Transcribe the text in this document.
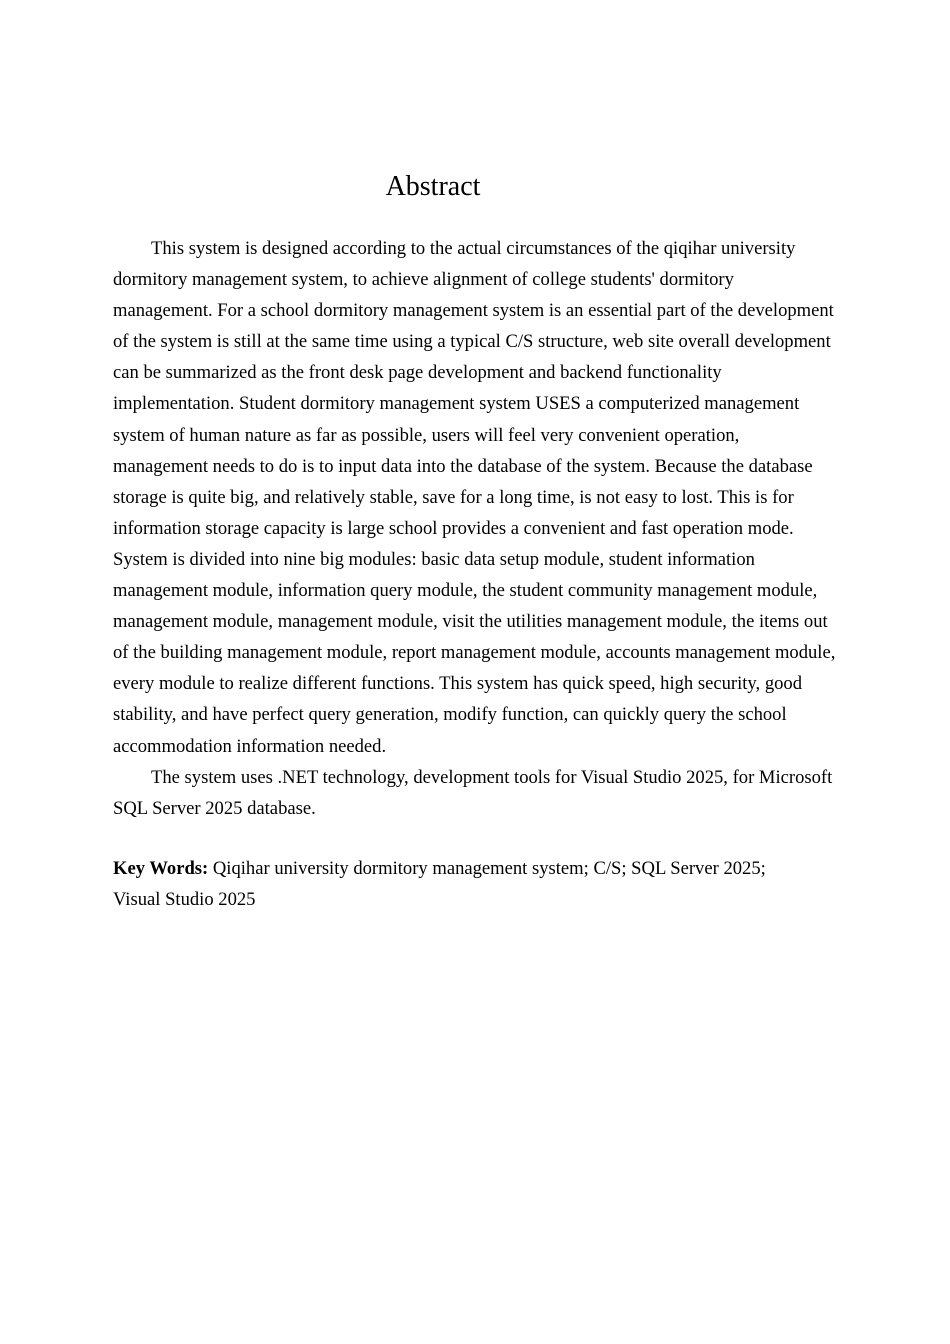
Abstract

This system is designed according to the actual circumstances of the qiqihar university dormitory management system, to achieve alignment of college students' dormitory management. For a school dormitory management system is an essential part of the development of the system is still at the same time using a typical C/S structure, web site overall development can be summarized as the front desk page development and backend functionality implementation. Student dormitory management system USES a computerized management system of human nature as far as possible, users will feel very convenient operation, management needs to do is to input data into the database of the system. Because the database storage is quite big, and relatively stable, save for a long time, is not easy to lost. This is for information storage capacity is large school provides a convenient and fast operation mode. System is divided into nine big modules: basic data setup module, student information management module, information query module, the student community management module, management module, management module, visit the utilities management module, the items out of the building management module, report management module, accounts management module, every module to realize different functions. This system has quick speed, high security, good stability, and have perfect query generation, modify function, can quickly query the school accommodation information needed.

The system uses .NET technology, development tools for Visual Studio 2025, for Microsoft SQL Server 2025 database.

Key Words: Qiqihar university dormitory management system; C/S; SQL Server 2025; Visual Studio 2025
